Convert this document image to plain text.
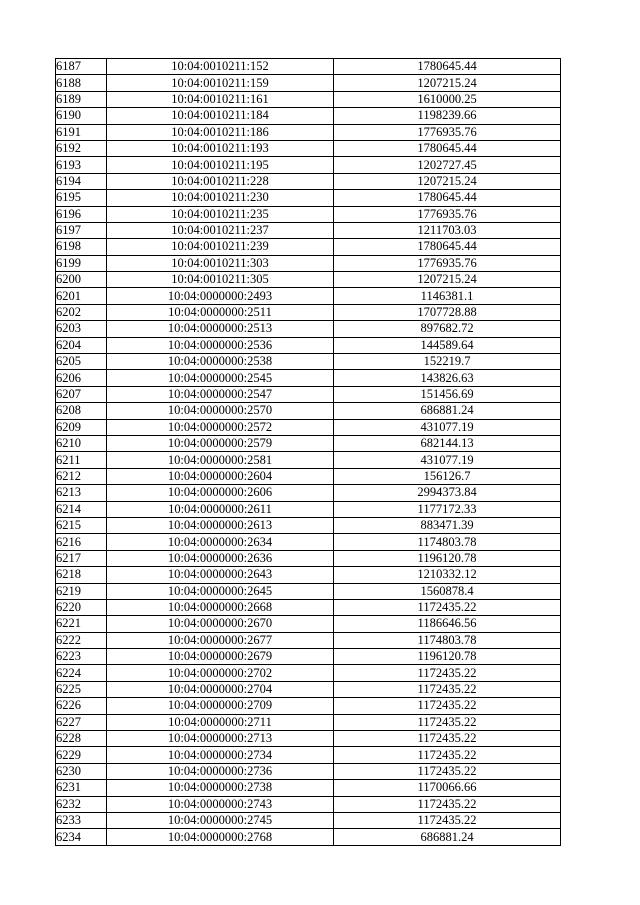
6187	10:04:0010211:152	1780645.44
6188	10:04:0010211:159	1207215.24
6189	10:04:0010211:161	1610000.25
6190	10:04:0010211:184	1198239.66
6191	10:04:0010211:186	1776935.76
6192	10:04:0010211:193	1780645.44
6193	10:04:0010211:195	1202727.45
6194	10:04:0010211:228	1207215.24
6195	10:04:0010211:230	1780645.44
6196	10:04:0010211:235	1776935.76
6197	10:04:0010211:237	1211703.03
6198	10:04:0010211:239	1780645.44
6199	10:04:0010211:303	1776935.76
6200	10:04:0010211:305	1207215.24
6201	10:04:0000000:2493	1146381.1
6202	10:04:0000000:2511	1707728.88
6203	10:04:0000000:2513	897682.72
6204	10:04:0000000:2536	144589.64
6205	10:04:0000000:2538	152219.7
6206	10:04:0000000:2545	143826.63
6207	10:04:0000000:2547	151456.69
6208	10:04:0000000:2570	686881.24
6209	10:04:0000000:2572	431077.19
6210	10:04:0000000:2579	682144.13
6211	10:04:0000000:2581	431077.19
6212	10:04:0000000:2604	156126.7
6213	10:04:0000000:2606	2994373.84
6214	10:04:0000000:2611	1177172.33
6215	10:04:0000000:2613	883471.39
6216	10:04:0000000:2634	1174803.78
6217	10:04:0000000:2636	1196120.78
6218	10:04:0000000:2643	1210332.12
6219	10:04:0000000:2645	1560878.4
6220	10:04:0000000:2668	1172435.22
6221	10:04:0000000:2670	1186646.56
6222	10:04:0000000:2677	1174803.78
6223	10:04:0000000:2679	1196120.78
6224	10:04:0000000:2702	1172435.22
6225	10:04:0000000:2704	1172435.22
6226	10:04:0000000:2709	1172435.22
6227	10:04:0000000:2711	1172435.22
6228	10:04:0000000:2713	1172435.22
6229	10:04:0000000:2734	1172435.22
6230	10:04:0000000:2736	1172435.22
6231	10:04:0000000:2738	1170066.66
6232	10:04:0000000:2743	1172435.22
6233	10:04:0000000:2745	1172435.22
6234	10:04:0000000:2768	686881.24
